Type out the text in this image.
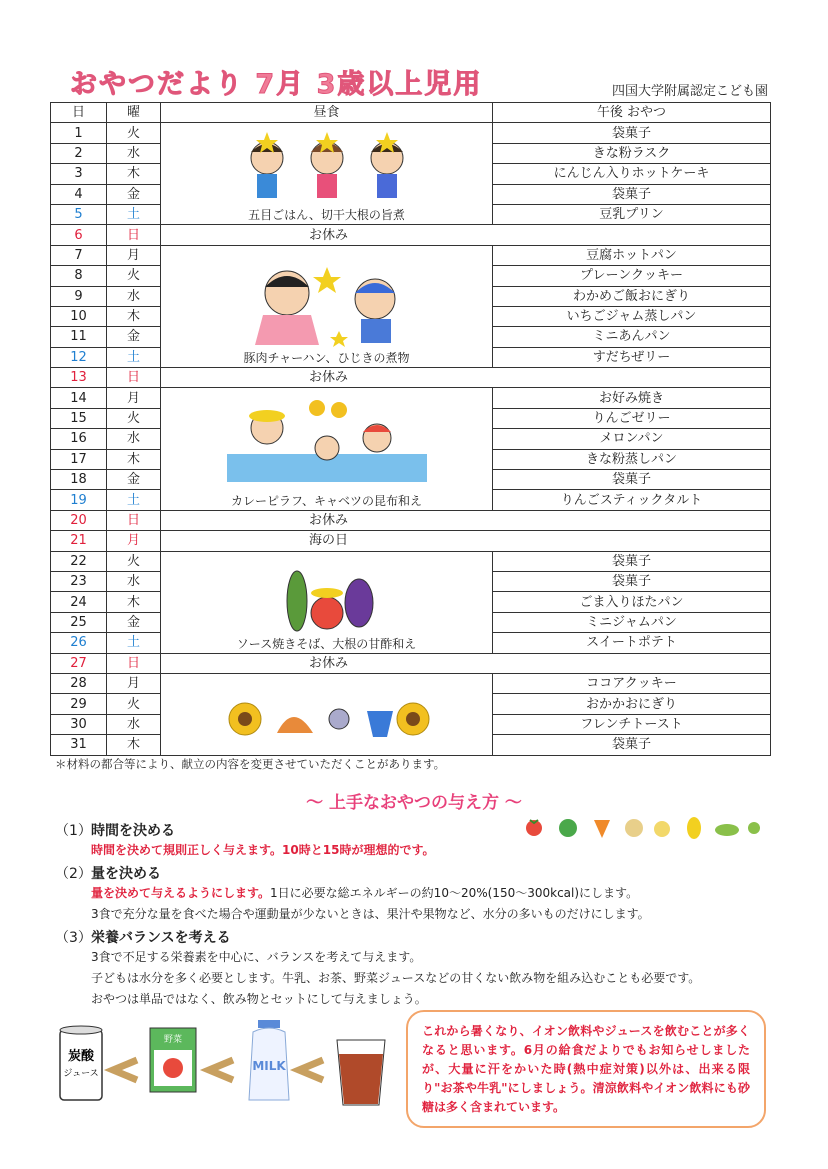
おやつだより 7月 3歳以上児用	四国大学附属認定こども園
日	曜	昼食	午後 おやつ
1	火	五目ごはん、切干大根の旨煮	袋菓子
2	水		きな粉ラスク
3	木		にんじん入りホットケーキ
4	金		袋菓子
5	土		豆乳プリン
6	日	お休み	
7	月	豚肉チャーハン、ひじきの煮物	豆腐ホットパン
8	火		プレーンクッキー
9	水		わかめご飯おにぎり
10	木		いちごジャム蒸しパン
11	金		ミニあんパン
12	土		すだちぜリー
13	日	お休み	
14	月	カレーピラフ、キャベツの昆布和え	お好み焼き
15	火		りんごゼリー
16	水		メロンパン
17	木		きな粉蒸しパン
18	金		袋菓子
19	土		りんごスティックタルト
20	日	お休み	
21	月	海の日	
22	火	ソース焼きそば、大根の甘酢和え	袋菓子
23	水		袋菓子
24	木		ごま入りほたパン
25	金		ミニジャムパン
26	土		スイートポテト
27	日	お休み	
28	月		ココアクッキー
29	火		おかかおにぎり
30	水		フレンチトースト
31	木		袋菓子
＊材料の都合等により、献立の内容を変更させていただくことがあります。
～ 上手なおやつの与え方 ～
（1）時間を決める
時間を決めて規則正しく与えます。10時と15時が理想的です。
（2）量を決める
量を決めて与えるようにします。1日に必要な総エネルギーの約10～20%(150～300kcal)にします。
3食で充分な量を食べた場合や運動量が少ないときは、果汁や果物など、水分の多いものだけにします。
（3）栄養バランスを考える
3食で不足する栄養素を中心に、バランスを考えて与えます。
子どもは水分を多く必要とします。牛乳、お茶、野菜ジュースなどの甘くない飲み物を組み込むことも必要です。
おやつは単品ではなく、飲み物とセットにして与えましょう。
炭酸
ジュース
野菜
MILK
これから暑くなり、イオン飲料やジュースを飲むことが多くなると思います。6月の給食だよりでもお知らせしましたが、大量に汗をかいた時(熱中症対策)以外は、出来る限り"お茶や牛乳"にしましょう。清涼飲料やイオン飲料にも砂糖は多く含まれています。
